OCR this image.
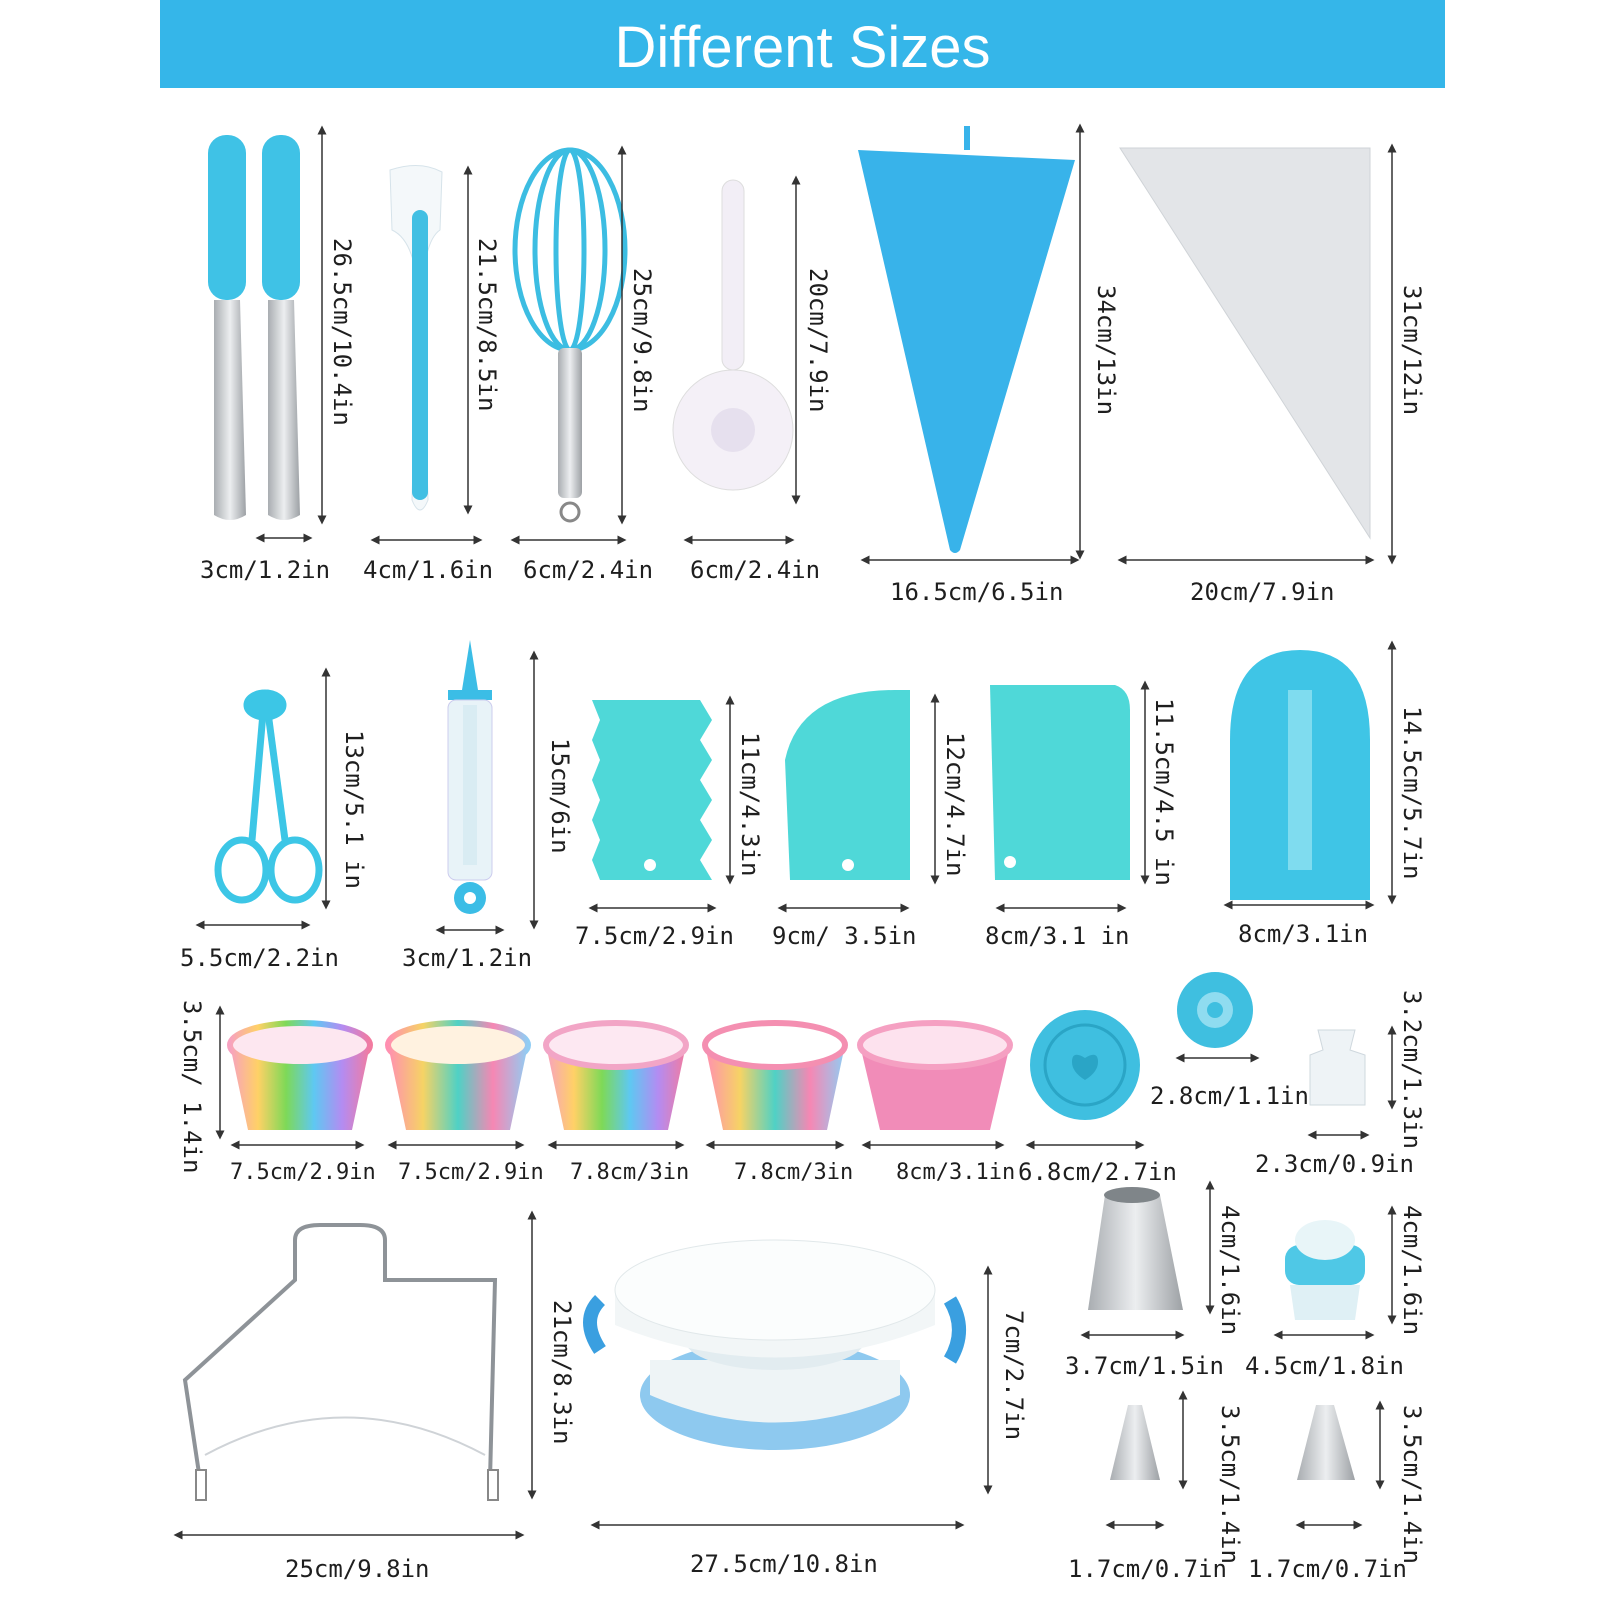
Different Sizes
3cm/1.2in
26.5cm/10.4in
4cm/1.6in
21.5cm/8.5in
6cm/2.4in
25cm/9.8in
6cm/2.4in
20cm/7.9in
16.5cm/6.5in
34cm/13in
20cm/7.9in
31cm/12in
5.5cm/2.2in
13cm/5.1 in
3cm/1.2in
15cm/6in
7.5cm/2.9in
11cm/4.3in
9cm/ 3.5in
12cm/4.7in
8cm/3.1 in
11.5cm/4.5 in
8cm/3.1in
14.5cm/5.7in
3.5cm/ 1.4in 7.5cm/2.9in 7.5cm/2.9in 7.8cm/3in 7.8cm/3in 8cm/3.1in 6.8cm/2.7in
2.8cm/1.1in	3.2cm/1.3in
2.3cm/0.9in
25cm/9.8in
21cm/8.3in
27.5cm/10.8in
7cm/2.7in 3.7cm/1.5in
4cm/1.6in
4.5cm/1.8in
4cm/1.6in
1.7cm/0.7in
3.5cm/1.4in
1.7cm/0.7in
3.5cm/1.4in
